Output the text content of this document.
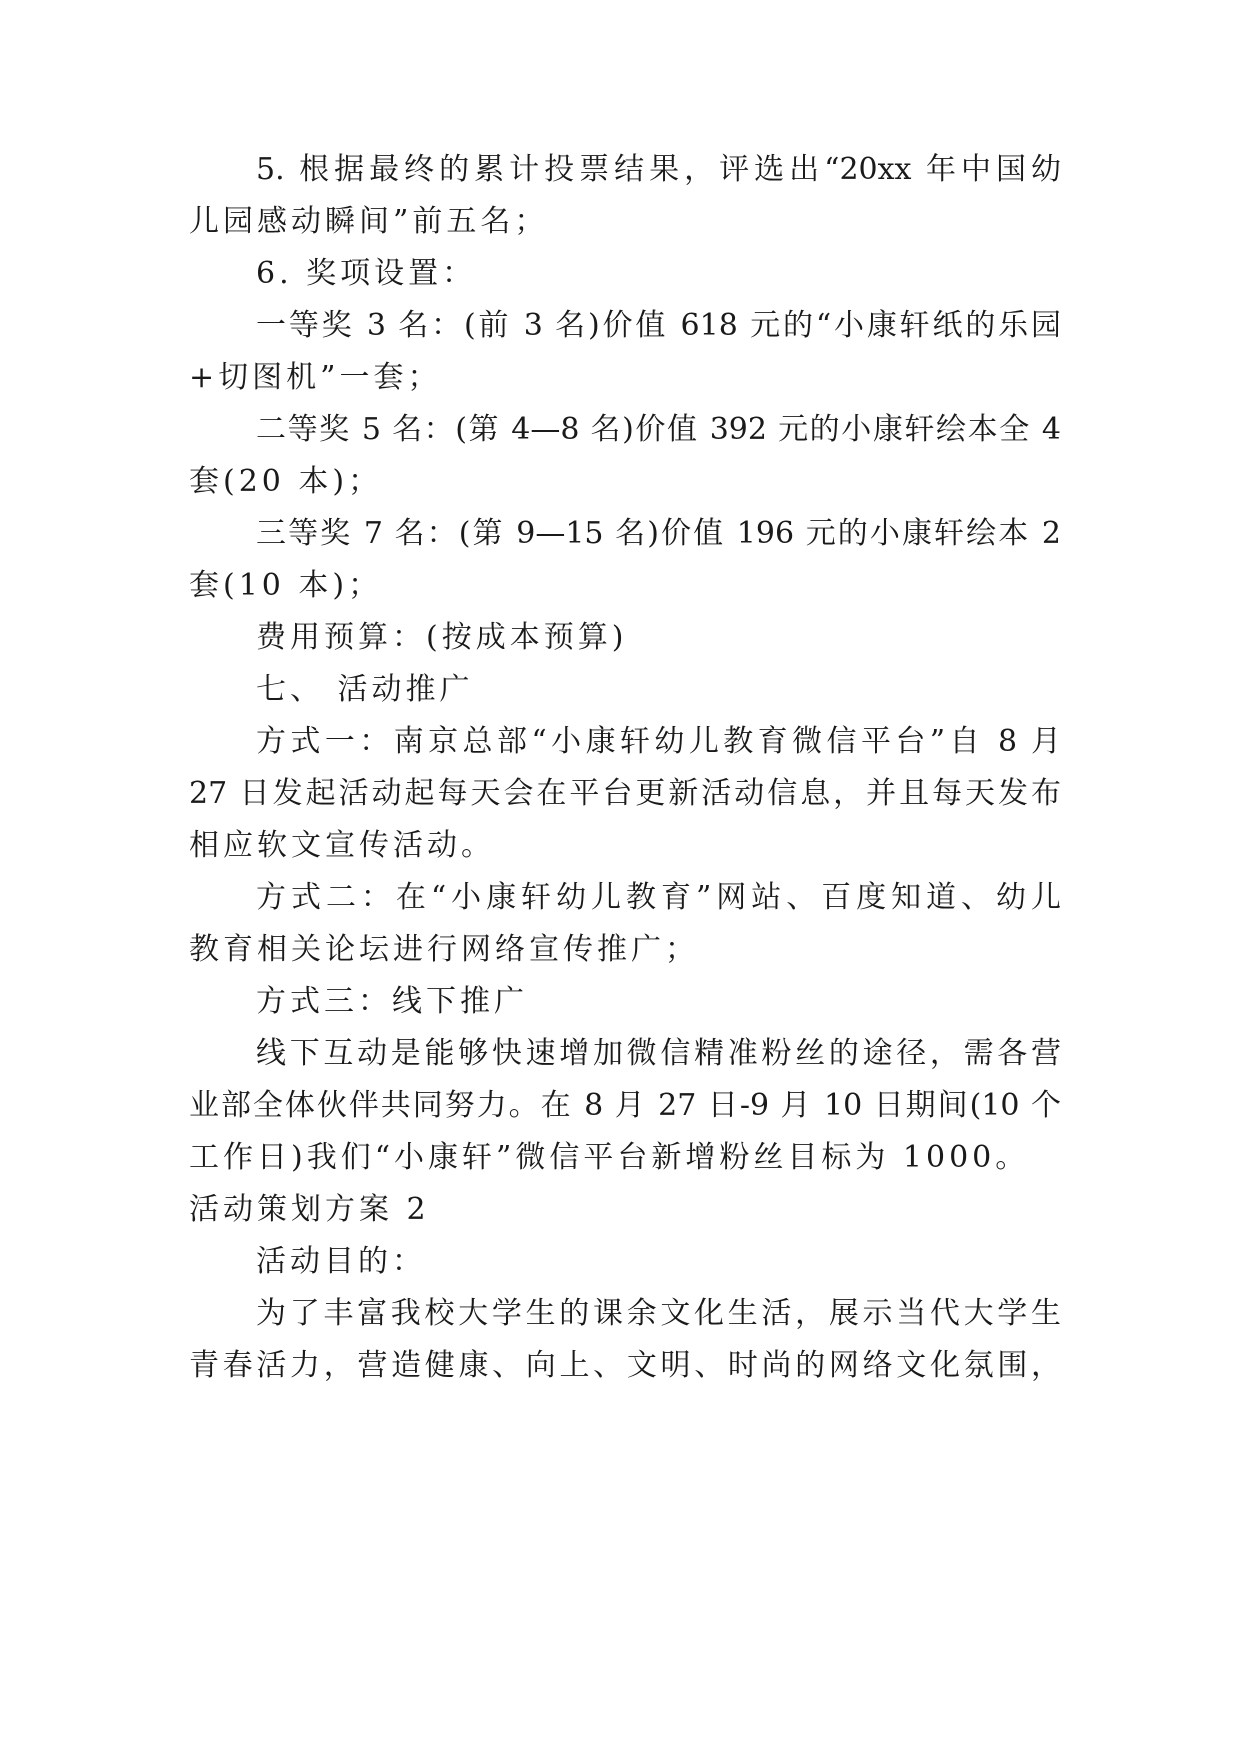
5. 根据最终的累计投票结果，评选出“20xx 年中国幼
儿园感动瞬间”前五名；
6. 奖项设置：
一等奖 3 名：(前 3 名)价值 618 元的“小康轩纸的乐园
+切图机”一套；
二等奖 5 名：(第 4—8 名)价值 392 元的小康轩绘本全 4
套(20 本)；
三等奖 7 名：(第 9—15 名)价值 196 元的小康轩绘本 2
套(10 本)；
费用预算：(按成本预算)
七、 活动推广
方式一：南京总部“小康轩幼儿教育微信平台”自 8 月
27 日发起活动起每天会在平台更新活动信息，并且每天发布
相应软文宣传活动。
方式二：在“小康轩幼儿教育”网站、百度知道、幼儿
教育相关论坛进行网络宣传推广；
方式三：线下推广
线下互动是能够快速增加微信精准粉丝的途径，需各营
业部全体伙伴共同努力。在 8 月 27 日-9 月 10 日期间(10 个
工作日)我们“小康轩”微信平台新增粉丝目标为 1000。
活动策划方案 2
活动目的：
为了丰富我校大学生的课余文化生活，展示当代大学生
青春活力，营造健康、向上、文明、时尚的网络文化氛围，
